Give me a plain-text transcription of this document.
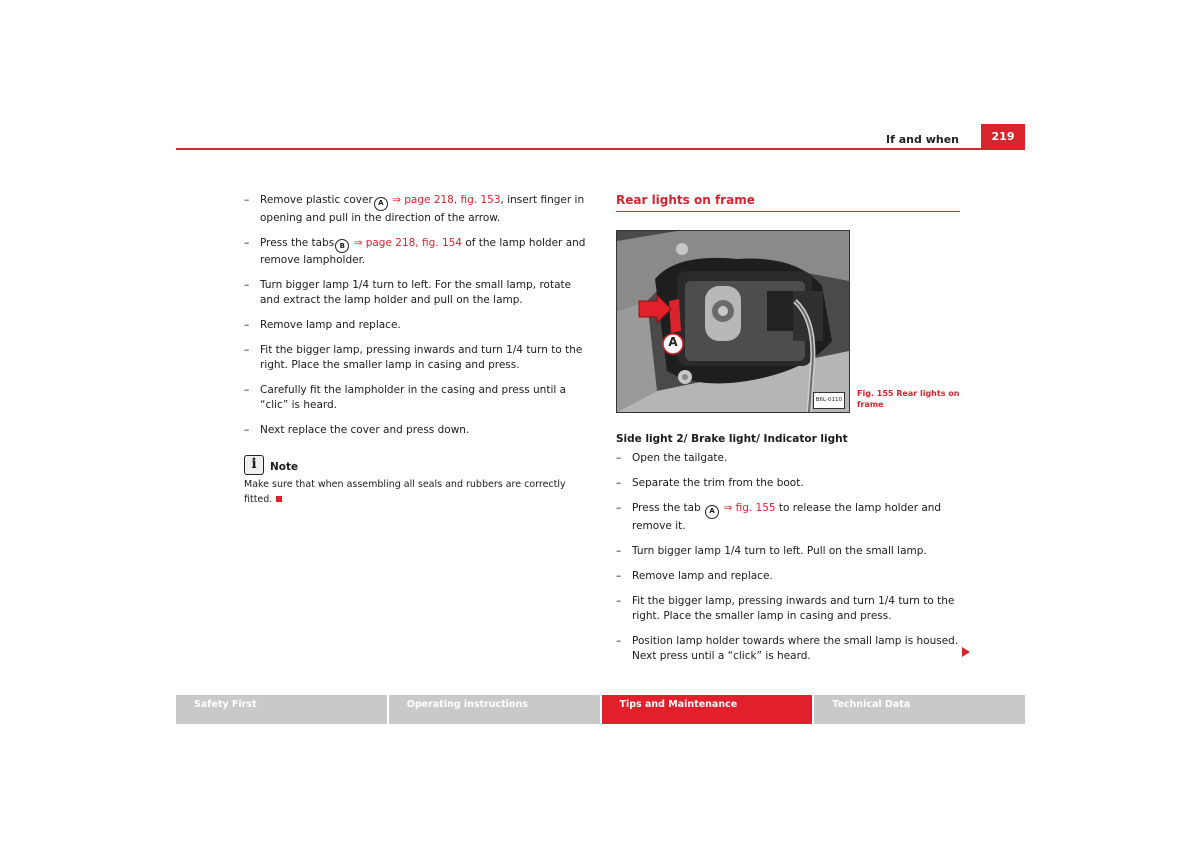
If and when	219
– Remove plastic cover A ⇒ page 218, fig. 153, insert finger in opening and pull in the direction of the arrow.
– Press the tabs B ⇒ page 218, fig. 154 of the lamp holder and remove lampholder.
– Turn bigger lamp 1/4 turn to left. For the small lamp, rotate and extract the lamp holder and pull on the lamp.
– Remove lamp and replace.
– Fit the bigger lamp, pressing inwards and turn 1/4 turn to the right. Place the smaller lamp in casing and press.
– Carefully fit the lampholder in the casing and press until a “clic” is heard.
– Next replace the cover and press down.
i	Note
Make sure that when assembling all seals and rubbers are correctly fitted.
Rear lights on frame
A
B6L-0110
Fig. 155 Rear lights on frame
Side light 2/ Brake light/ Indicator light
– Open the tailgate.
– Separate the trim from the boot.
– Press the tab A ⇒ fig. 155 to release the lamp holder and remove it.
– Turn bigger lamp 1/4 turn to left. Pull on the small lamp.
– Remove lamp and replace.
– Fit the bigger lamp, pressing inwards and turn 1/4 turn to the right. Place the smaller lamp in casing and press.
– Position lamp holder towards where the small lamp is housed. Next press until a “click” is heard.
Safety First	Operating instructions	Tips and Maintenance	Technical Data
